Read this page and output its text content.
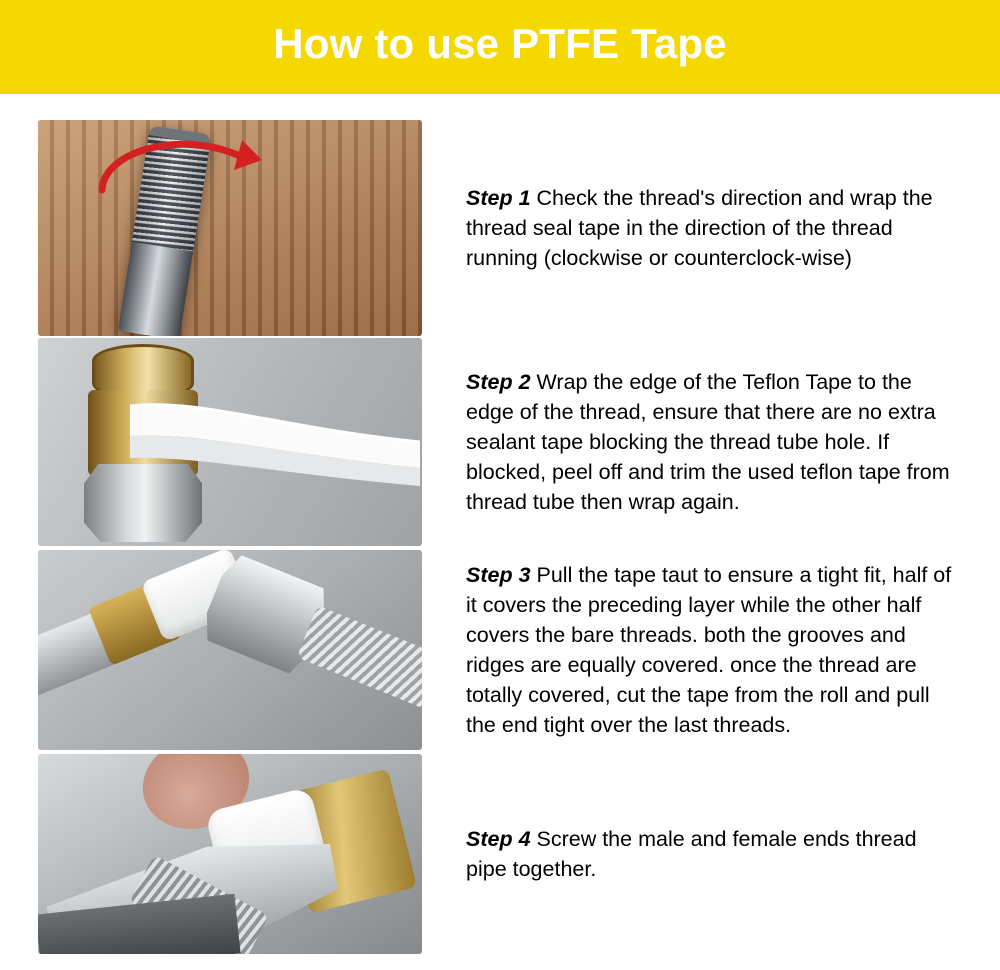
How to use PTFE Tape

Step 1 Check the thread's direction and wrap the thread seal tape in the direction of the thread running (clockwise or counterclock-wise)

Step 2 Wrap the edge of the Teflon Tape to the edge of the thread, ensure that there are no extra sealant tape blocking the thread tube hole. If blocked, peel off and trim the used teflon tape from thread tube then wrap again.

Step 3 Pull the tape taut to ensure a tight fit, half of it covers the preceding layer while the other half covers the bare threads. both the grooves and ridges are equally covered. once the thread are totally covered, cut the tape from the roll and pull the end tight over the last threads.

Step 4 Screw the male and female ends thread pipe together.
